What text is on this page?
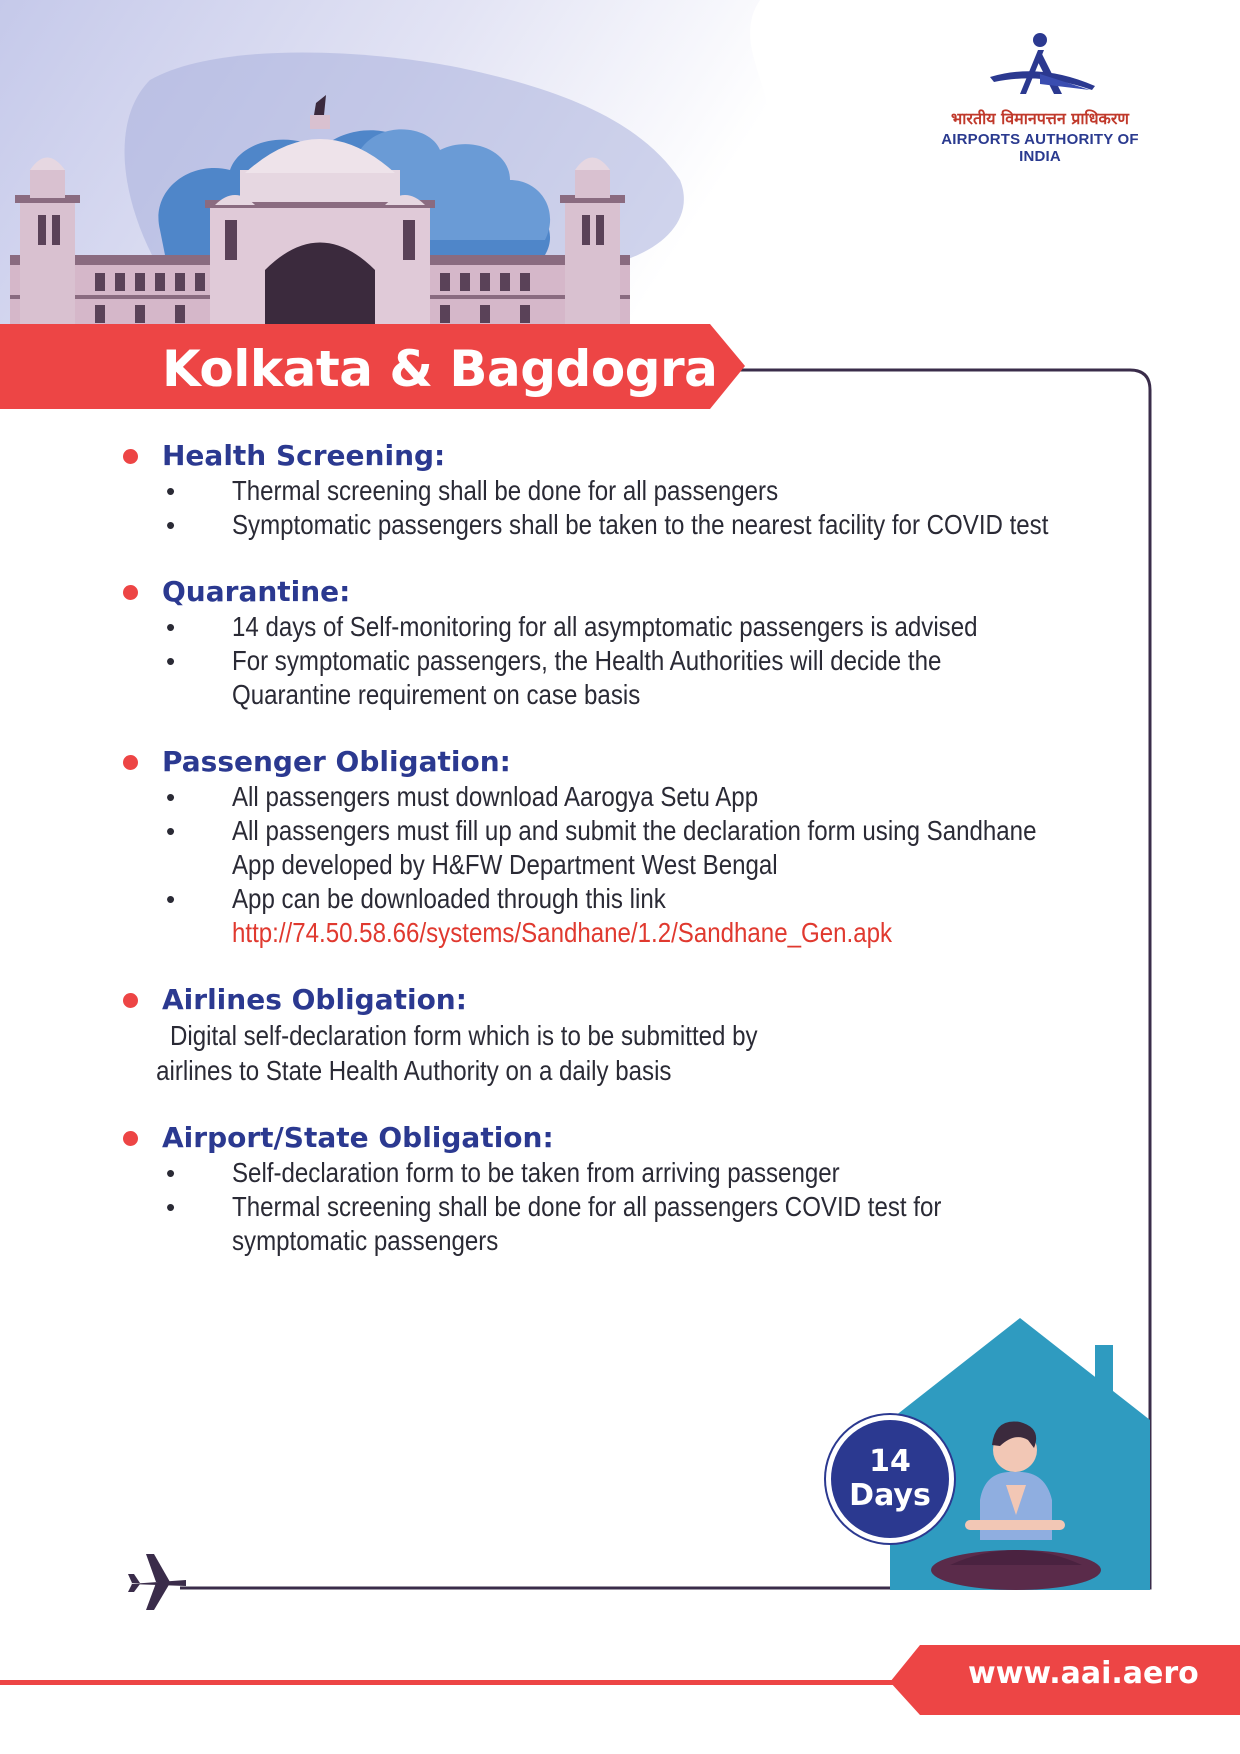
भारतीय विमानपत्तन प्राधिकरण
AIRPORTS AUTHORITY OF INDIA
Kolkata & Bagdogra
Health Screening:
• Thermal screening shall be done for all passengers
• Symptomatic passengers shall be taken to the nearest facility for COVID test
Quarantine:
• 14 days of Self-monitoring for all asymptomatic passengers is advised
• For symptomatic passengers, the Health Authorities will decide the
Quarantine requirement on case basis
Passenger Obligation:
• All passengers must download Aarogya Setu App
• All passengers must fill up and submit the declaration form using Sandhane
App developed by H&FW Department West Bengal
• App can be downloaded through this link
http://74.50.58.66/systems/Sandhane/1.2/Sandhane_Gen.apk
Airlines Obligation:Digital self-declaration form which is to be submitted by
airlines to State Health Authority on a daily basis
Airport/State Obligation:
• Self-declaration form to be taken from arriving passenger
• Thermal screening shall be done for all passengers COVID test for
symptomatic passengers
14
Days
www.aai.aero
